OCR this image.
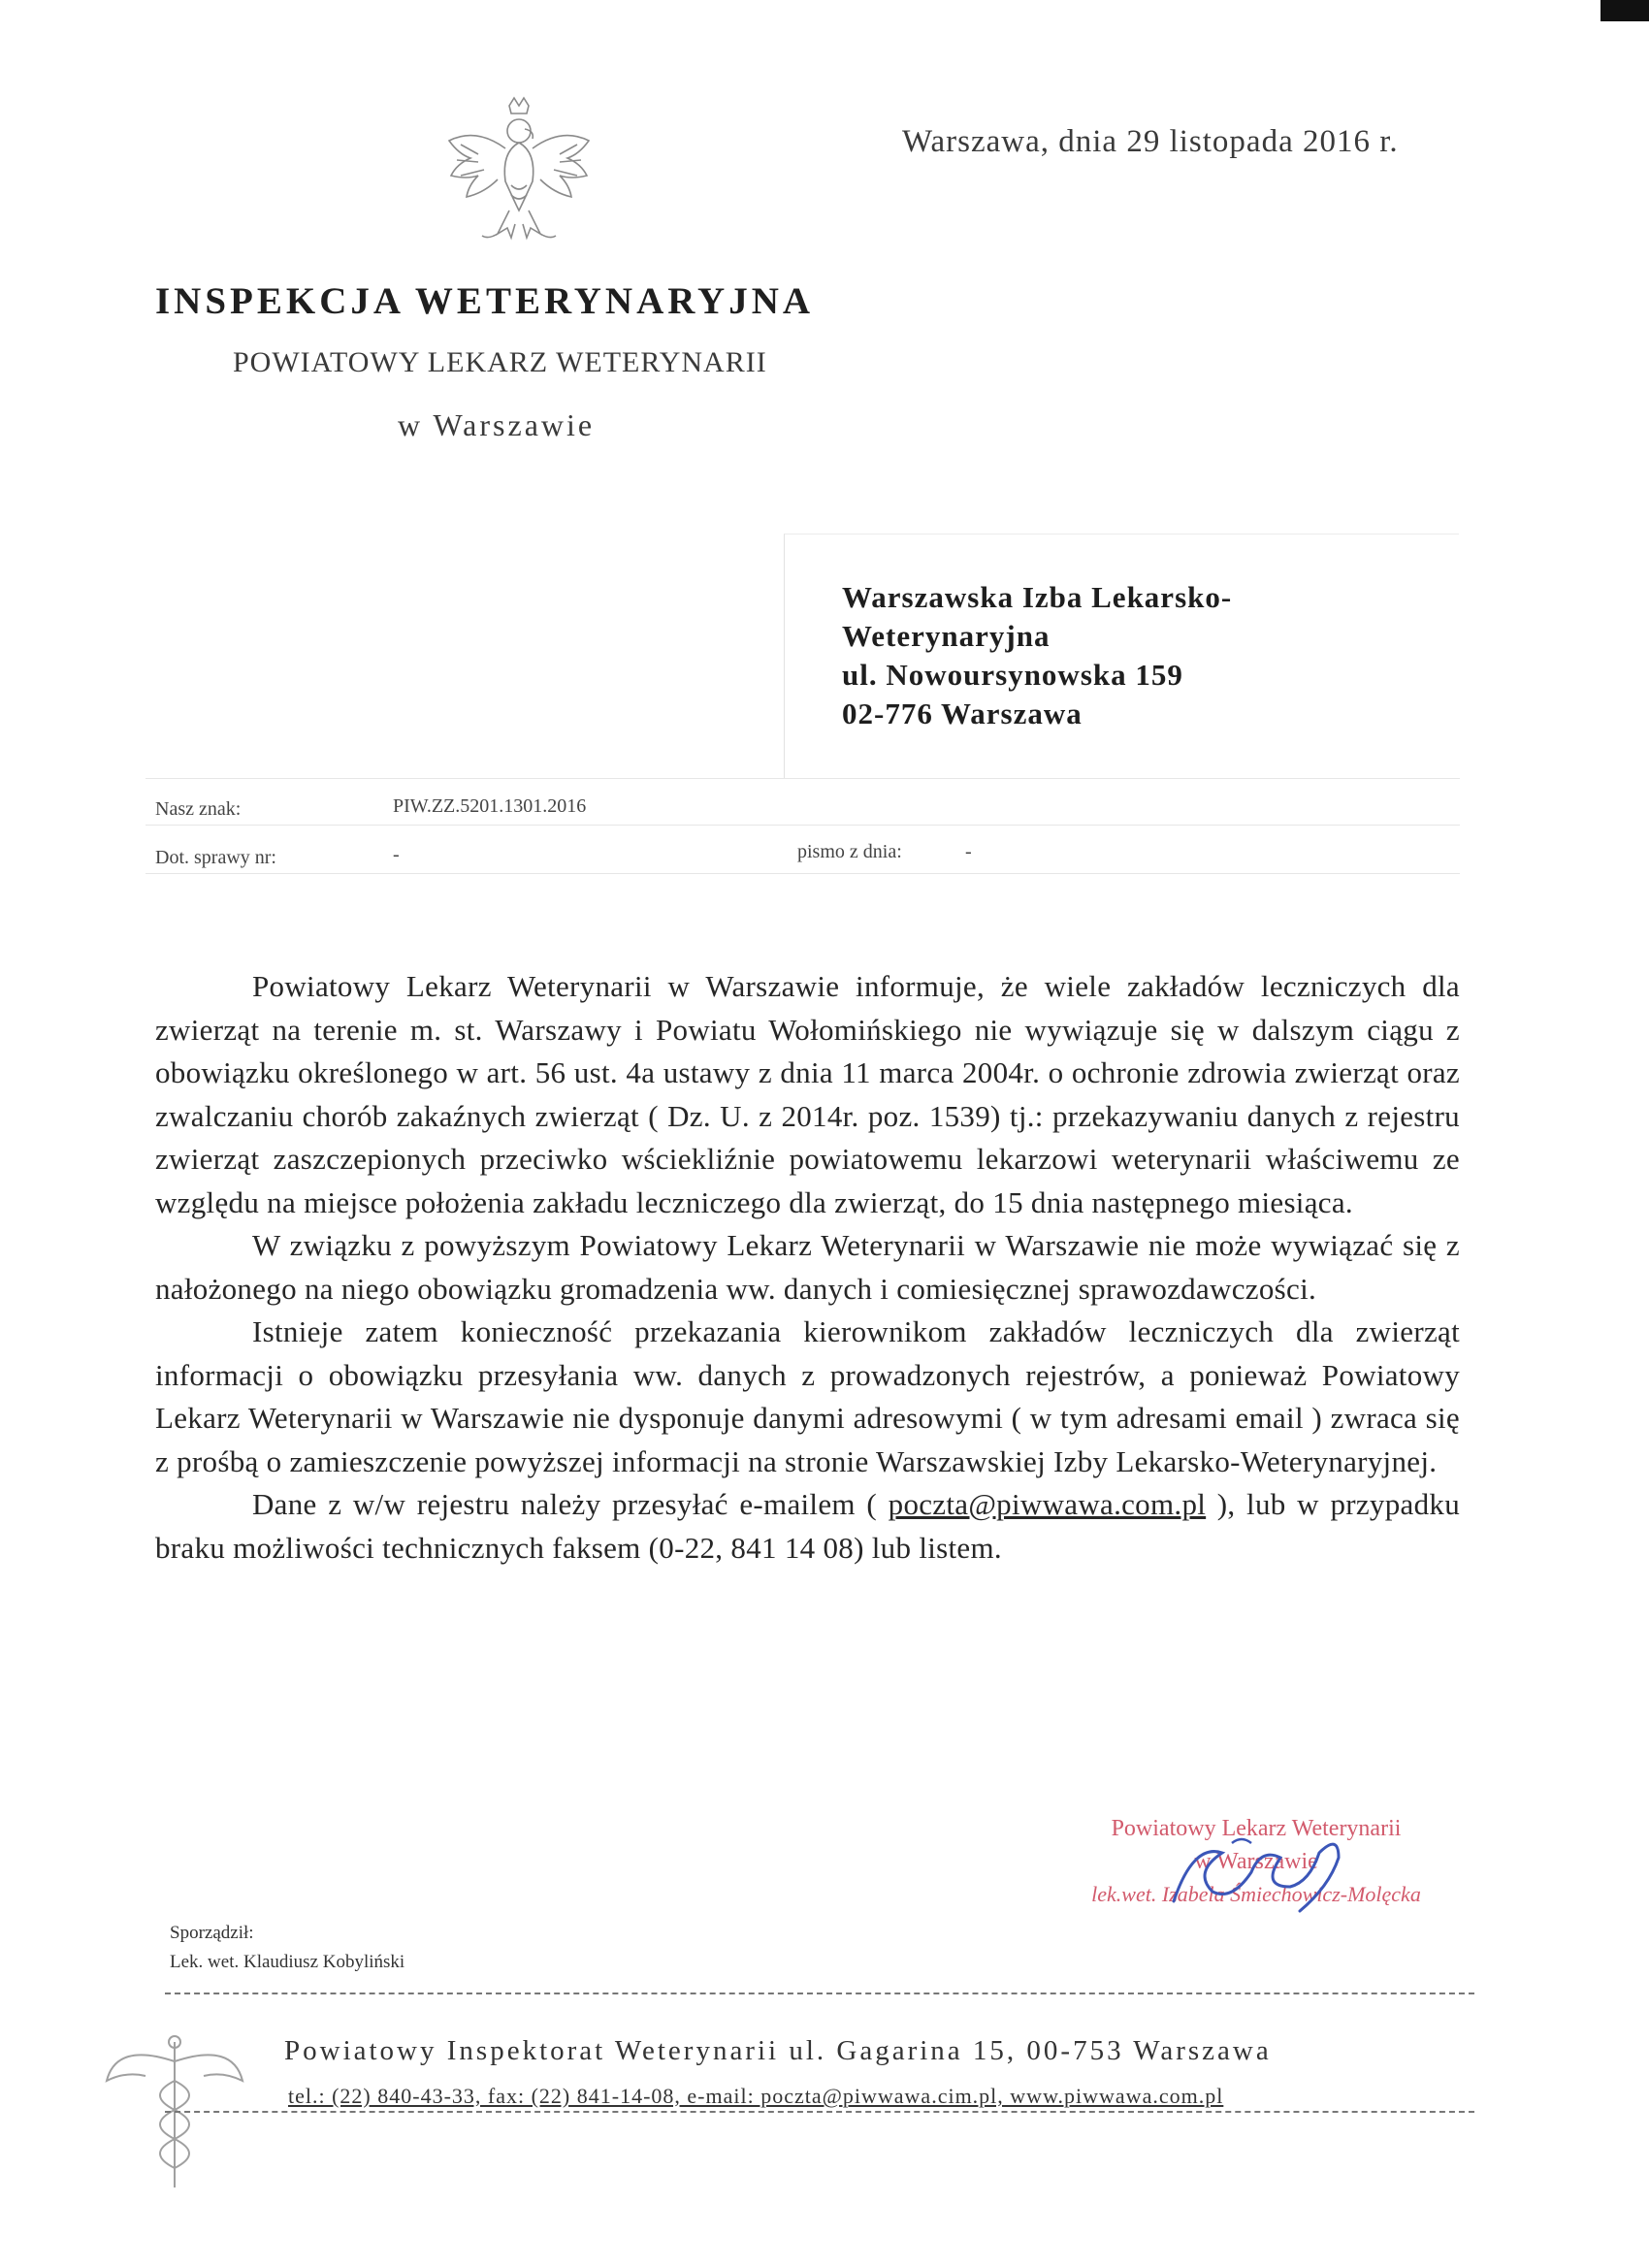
Warszawa, dnia 29 listopada 2016 r.
INSPEKCJA WETERYNARYJNA
POWIATOWY LEKARZ WETERYNARII
w Warszawie
Warszawska Izba Lekarsko-
Weterynaryjna
ul. Nowoursynowska 159
02-776 Warszawa
Nasz znak:	PIW.ZZ.5201.1301.2016
Dot. sprawy nr:	-	pismo z dnia:	-

Powiatowy Lekarz Weterynarii w Warszawie informuje, że wiele zakładów leczniczych dla zwierząt na terenie m. st. Warszawy i Powiatu Wołomińskiego nie wywiązuje się w dalszym ciągu z obowiązku określonego w art. 56 ust. 4a ustawy z dnia 11 marca 2004r. o ochronie zdrowia zwierząt oraz zwalczaniu chorób zakaźnych zwierząt ( Dz. U. z 2014r. poz. 1539) tj.: przekazywaniu danych z rejestru zwierząt zaszczepionych przeciwko wściekliźnie powiatowemu lekarzowi weterynarii właściwemu ze względu na miejsce położenia zakładu leczniczego dla zwierząt, do 15 dnia następnego miesiąca.

W związku z powyższym Powiatowy Lekarz Weterynarii w Warszawie nie może wywiązać się z nałożonego na niego obowiązku gromadzenia ww. danych i comiesięcznej sprawozdawczości.

Istnieje zatem konieczność przekazania kierownikom zakładów leczniczych dla zwierząt informacji o obowiązku przesyłania ww. danych z prowadzonych rejestrów, a ponieważ Powiatowy Lekarz Weterynarii w Warszawie nie dysponuje danymi adresowymi ( w tym adresami email ) zwraca się z prośbą o zamieszczenie powyższej informacji na stronie Warszawskiej Izby Lekarsko-Weterynaryjnej.

Dane z w/w rejestru należy przesyłać e-mailem ( poczta@piwwawa.com.pl ), lub w przypadku braku możliwości technicznych faksem (0-22, 841 14 08) lub listem.

Powiatowy Lekarz Weterynarii
w Warszawie
lek.wet. Izabela Śmiechowicz-Molęcka
Sporządził:
Lek. wet. Klaudiusz Kobyliński
Powiatowy Inspektorat Weterynarii ul. Gagarina 15, 00-753 Warszawa
tel.: (22) 840-43-33, fax: (22) 841-14-08, e-mail: poczta@piwwawa.cim.pl, www.piwwawa.com.pl
